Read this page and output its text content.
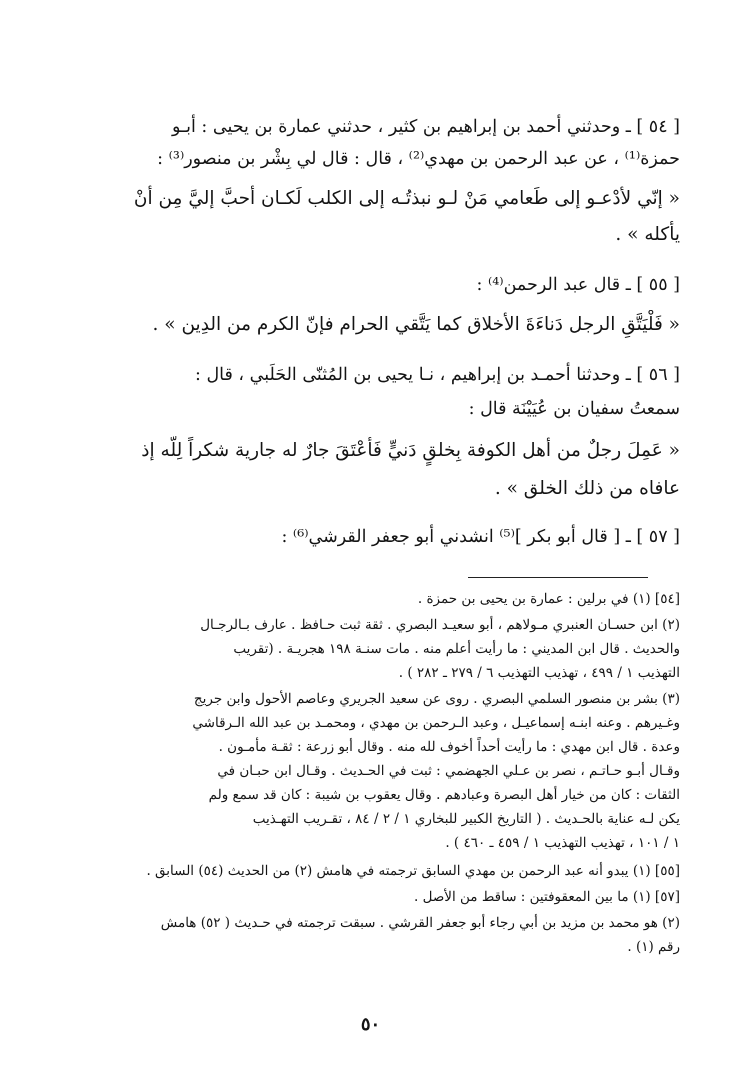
[ ٥٤ ] ـ وحدثني أحمد بن إبراهيم بن كثير ، حدثني عمارة بن يحيى : أبـو
حمزة⁽¹⁾ ، عن عبد الرحمن بن مهدي⁽²⁾ ، قال : قال لي بِشْر بن منصور⁽³⁾ :
« إنّي لأدْعـو إلى طَعامي مَنْ لـو نبذتُـه إلى الكلب لَكـان أحبَّ إليَّ مِن أنْ
يأكله » .
[ ٥٥ ] ـ قال عبد الرحمن⁽⁴⁾ :
« فَلْيَتَّقِ الرجل دَناءَةَ الأخلاق كما يَتَّقي الحرام فإنّ الكرم من الدِين » .
[ ٥٦ ] ـ وحدثنا أحمـد بن إبراهيم ، نـا يحيى بن المُثنّى الحَلَبي ، قال :
سمعتُ سفيان بن عُيَيْنَة قال :
« عَمِلَ رجلٌ من أهل الكوفة بِخلقٍ دَنيٍّ فَأَعْتَقَ جارٌ له جارية شكراً لِلّه إذ
عافاه من ذلك الخلق » .
[ ٥٧ ] ـ [ قال أبو بكر ]⁽⁵⁾ انشدني أبو جعفر القرشي⁽⁶⁾ :
[٥٤] (١) في برلين : عمارة بن يحيى بن حمزة .
(٢) ابن حسـان العنبري مـولاهم ، أبو سعيـد البصري . ثقة ثبت حـافظ . عارف بـالرجـال
والحديث . قال ابن المديني : ما رأيت أعلم منه . مات سنـة ١٩٨ هجريـة . (تقريب
التهذيب ١ / ٤٩٩ ، تهذيب التهذيب ٦ / ٢٧٩ ـ ٢٨٢ ) .
(٣) بشر بن منصور السلمي البصري . روى عن سعيد الجريري وعاصم الأحول وابن جريج
وغـيرهم . وعنه ابنـه إسماعيـل ، وعبد الـرحمن بن مهدي ، ومحمـد بن عبد الله الـرقاشي
وعدة . قال ابن مهدي : ما رأيت أحداً أخوف لله منه . وقال أبو زرعة : ثقـة مأمـون .
وقـال أبـو حـاتـم ، نصر بن عـلي الجهضمي : ثبت في الحـديث . وقـال ابن حبـان في
الثقات : كان من خيار أهل البصرة وعبادهم . وقال يعقوب بن شيبة : كان قد سمع ولم
يكن لـه عناية بالحـديث . ( التاريخ الكبير للبخاري ١ / ٢ / ٨٤ ، تقـريب التهـذيب
١ / ١٠١ ، تهذيب التهذيب ١ / ٤٥٩ ـ ٤٦٠ ) .
[٥٥] (١) يبدو أنه عبد الرحمن بن مهدي السابق ترجمته في هامش (٢) من الحديث (٥٤) السابق .
[٥٧] (١) ما بين المعقوفتين : ساقط من الأصل .
(٢) هو محمد بن مزيد بن أبي رجاء أبو جعفر القرشي . سبقت ترجمته في حـديث ( ٥٢) هامش
رقم (١) .
٥٠
